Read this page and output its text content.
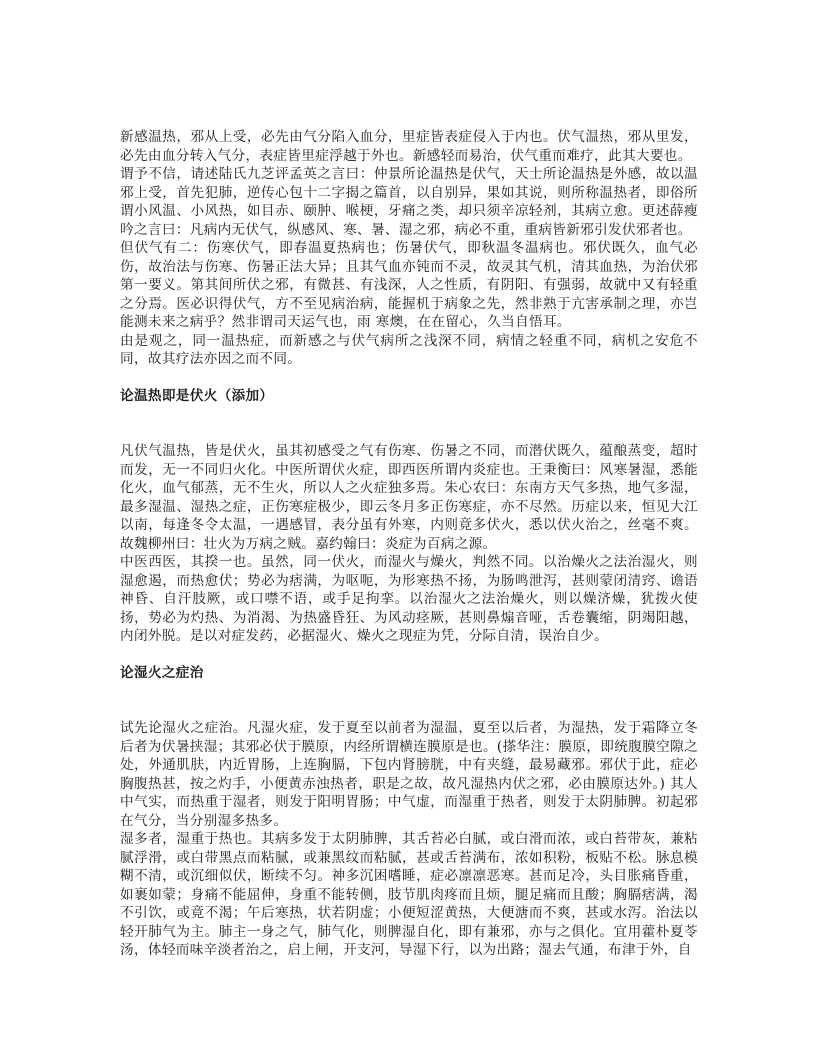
新感温热，邪从上受，必先由气分陷入血分，里症皆表症侵入于内也。伏气温热，邪从里发，必先由血分转入气分，表症皆里症浮越于外也。新感轻而易治，伏气重而难疗，此其大要也。

谓予不信，请述陆氏九芝评孟英之言曰：仲景所论温热是伏气，天士所论温热是外感，故以温邪上受，首先犯肺，逆传心包十二字揭之篇首，以自别异，果如其说，则所称温热者，即俗所谓小风温、小风热，如目赤、颐肿、喉梗，牙痛之类，却只须辛凉轻剂，其病立愈。更述薛瘦吟之言曰：凡病内无伏气，纵感风、寒、暑、湿之邪，病必不重，重病皆新邪引发伏邪者也。

但伏气有二：伤寒伏气，即春温夏热病也；伤暑伏气，即秋温冬温病也。邪伏既久，血气必伤，故治法与伤寒、伤暑正法大异；且其气血亦钝而不灵，故灵其气机，清其血热，为治伏邪第一要义。第其间所伏之邪，有微甚、有浅深，人之性质，有阴阳、有强弱，故就中又有轻重之分焉。医必识得伏气，方不至见病治病，能握机于病象之先，然非熟于亢害承制之理，亦岂能测未来之病乎？然非谓司天运气也，雨 寒燠，在在留心，久当自悟耳。

由是观之，同一温热症，而新感之与伏气病所之浅深不同，病情之轻重不同，病机之安危不同，故其疗法亦因之而不同。

论温热即是伏火（添加）

凡伏气温热，皆是伏火，虽其初感受之气有伤寒、伤暑之不同，而潜伏既久，蕴酿蒸变，超时而发，无一不同归火化。中医所谓伏火症，即西医所谓内炎症也。王秉衡曰：风寒暑湿，悉能化火，血气郁蒸，无不生火，所以人之火症独多焉。朱心农曰：东南方天气多热，地气多湿，最多湿温、湿热之症，正伤寒症极少，即云冬月多正伤寒症，亦不尽然。历症以来，恒见大江以南，每逢冬令太温，一遇感冒，表分虽有外寒，内则竟多伏火，悉以伏火治之，丝毫不爽。故魏柳州曰：壮火为万病之贼。嘉约翰曰：炎症为百病之源。

中医西医，其揆一也。虽然，同一伏火，而湿火与燥火，判然不同。以治燥火之法治湿火，则湿愈遏，而热愈伏；势必为痞满，为呕呃，为形寒热不扬，为肠鸣泄泻，甚则蒙闭清窍、谵语神昏、自汗肢厥，或口噤不语，或手足拘挛。以治湿火之法治燥火，则以燥济燥，犹拨火使扬，势必为灼热、为消渴、为热盛昏狂、为风动痉厥，甚则鼻煽音哑，舌卷囊缩，阴竭阳越，内闭外脱。是以对症发药，必据湿火、燥火之现症为凭，分际自清，误治自少。

论湿火之症治

试先论湿火之症治。凡湿火症，发于夏至以前者为湿温，夏至以后者，为湿热，发于霜降立冬后者为伏暑挟湿；其邪必伏于膜原，内经所谓横连膜原是也。(搽华注：膜原，即统腹膜空隙之处，外通肌肤，内近胃肠，上连胸膈，下包内肾膀胱，中有夹缝，最易藏邪。邪伏于此，症必胸腹热甚，按之灼手，小便黄赤浊热者，职是之故，故凡湿热内伏之邪，必由膜原达外。) 其人中气实，而热重于湿者，则发于阳明胃肠；中气虚，而湿重于热者，则发于太阴肺脾。初起邪在气分，当分别湿多热多。

湿多者，湿重于热也。其病多发于太阴肺脾，其舌苔必白腻，或白滑而浓，或白苔带灰，兼粘腻浮滑，或白带黑点而粘腻，或兼黑纹而粘腻，甚或舌苔满布，浓如积粉，板贴不松。脉息模糊不清，或沉细似伏，断续不匀。神多沉困嗜睡，症必凛凛恶寒。甚而足冷，头目胀痛昏重，如裹如蒙；身痛不能屈伸，身重不能转侧，肢节肌肉疼而且烦，腿足痛而且酸；胸膈痞满，渴不引饮，或竟不渴；午后寒热，状若阴虚；小便短涩黄热，大便溏而不爽，甚或水泻。治法以轻开肺气为主。肺主一身之气，肺气化，则脾湿自化，即有兼邪，亦与之俱化。宜用藿朴夏苓汤，体轻而味辛淡者治之，启上闸，开支河，导湿下行，以为出路；湿去气通，布津于外，自
